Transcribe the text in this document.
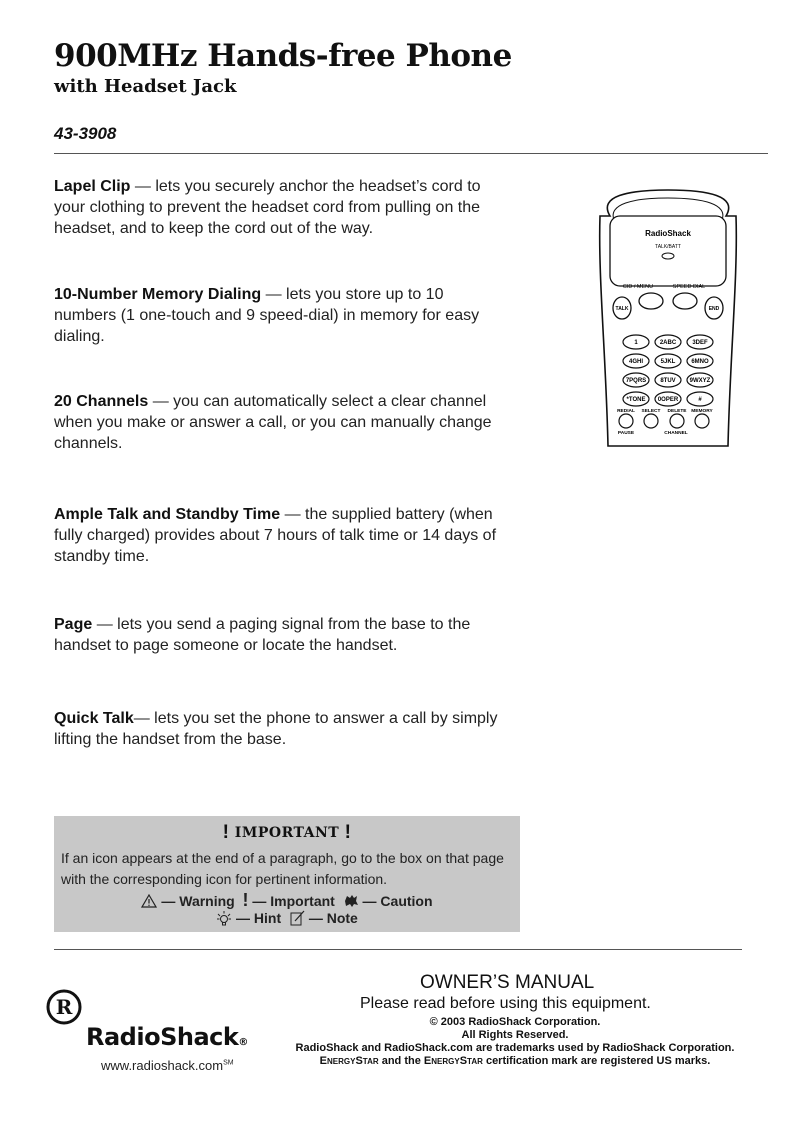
900MHz Hands-free Phone
with Headset Jack
43-3908

Lapel Clip — lets you securely anchor the headset’s cord to your clothing to prevent the headset cord from pulling on the headset, and to keep the cord out of the way.

10-Number Memory Dialing — lets you store up to 10 numbers (1 one-touch and 9 speed-dial) in memory for easy dialing.

20 Channels — you can automatically select a clear channel when you make or answer a call, or you can manually change channels.

Ample Talk and Standby Time — the supplied battery (when fully charged) provides about 7 hours of talk time or 14 days of standby time.

Page — lets you send a paging signal from the base to the handset to page someone or locate the handset.

Quick Talk— lets you set the phone to answer a call by simply lifting the handset from the base.

RadioShack
TALK/BATT
CID / MENU	SPEED DIAL
TALK	END
1	2ABC	3DEF
4GHI	5JKL	6MNO
7PQRS 8TUV 9WXYZ
*TONE 0OPER	#
REDIAL SELECT DELETE MEMORY
PAUSE	CHANNEL
! IMPORTANT !
If an icon appears at the end of a paragraph, go to the box on that page with the corresponding icon for pertinent information.
— Warning ! — Important — Caution
— Hint — Note
OWNER’S MANUAL
Please read before using this equipment.
© 2003 RadioShack Corporation.
All Rights Reserved.
RadioShack and RadioShack.com are trademarks used by RadioShack Corporation.
ENERGYSTAR and the ENERGYSTAR certification mark are registered US marks.
R
RadioShack®
www.radioshack.com℠
